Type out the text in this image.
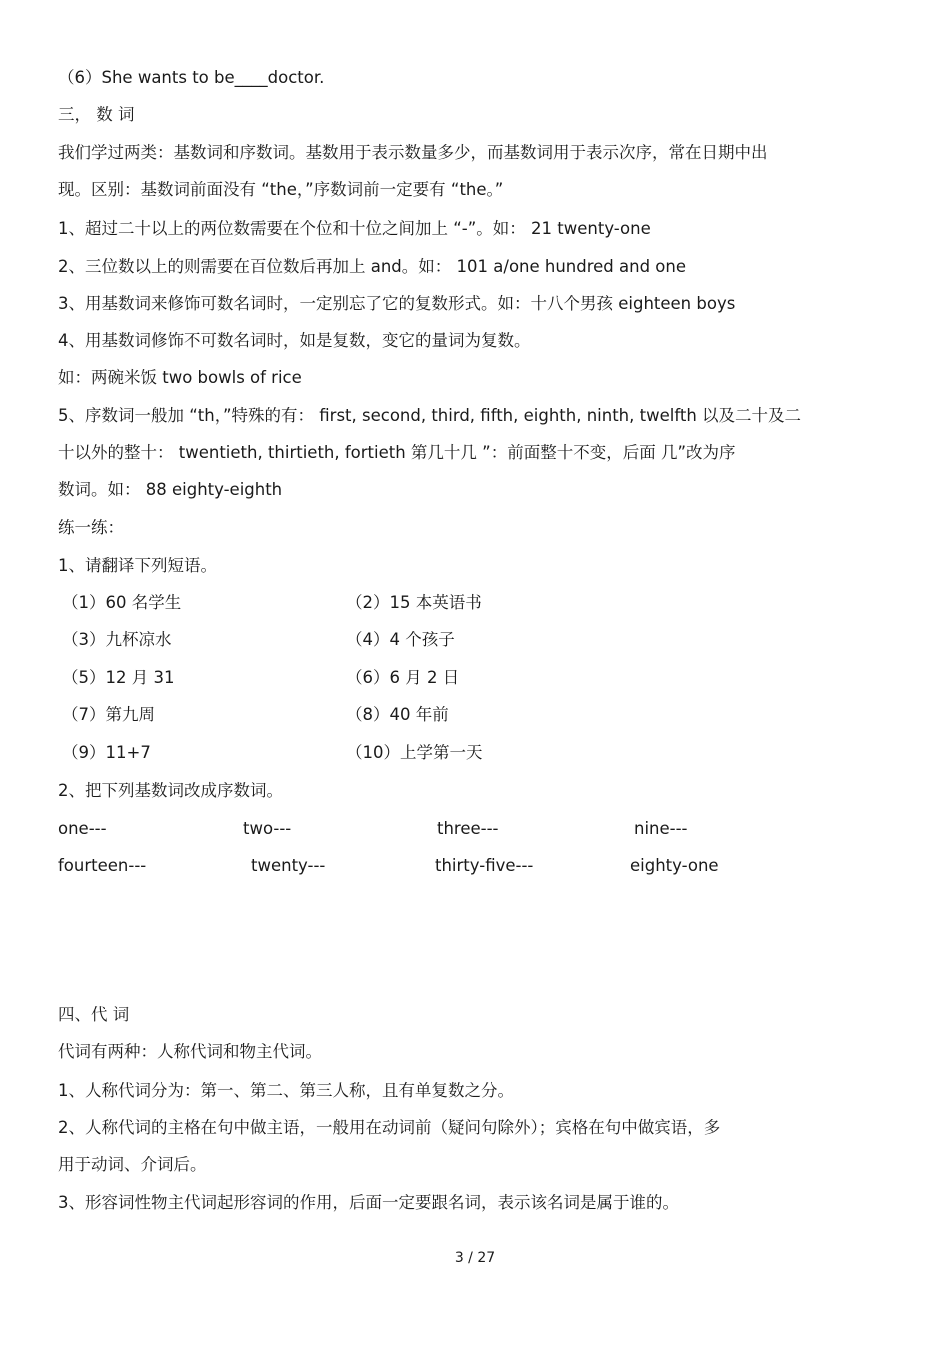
（6）She wants to be____doctor.
三， 数 词
我们学过两类：基数词和序数词。基数用于表示数量多少，而基数词用于表示次序，常在日期中出
现。区别：基数词前面没有 “the，”序数词前一定要有 “the。”
1、超过二十以上的两位数需要在个位和十位之间加上 “-”。如： 21 twenty-one
2、三位数以上的则需要在百位数后再加上 and。如： 101 a/one hundred and one
3、用基数词来修饰可数名词时，一定别忘了它的复数形式。如：十八个男孩 eighteen boys
4、用基数词修饰不可数名词时，如是复数，变它的量词为复数。
如：两碗米饭 two bowls of rice
5、序数词一般加 “th，”特殊的有： first, second, third, fifth, eighth, ninth, twelfth 以及二十及二
十以外的整十： twentieth, thirtieth, fortieth 第几十几 ”：前面整十不变，后面 几”改为序
数词。如： 88 eighty-eighth
练一练：
1、请翻译下列短语。
（1）60 名学生	（2）15 本英语书
（3）九杯凉水	（4）4 个孩子
（5）12 月 31	（6）6 月 2 日
（7）第九周	（8）40 年前
（9）11+7	（10）上学第一天
2、把下列基数词改成序数词。
one---	two---	three---	nine---
fourteen---	twenty---	thirty-five---	eighty-one
四、代 词
代词有两种：人称代词和物主代词。
1、人称代词分为：第一、第二、第三人称，且有单复数之分。
2、人称代词的主格在句中做主语，一般用在动词前（疑问句除外）；宾格在句中做宾语，多
用于动词、介词后。
3、形容词性物主代词起形容词的作用，后面一定要跟名词，表示该名词是属于谁的。
3 / 27
